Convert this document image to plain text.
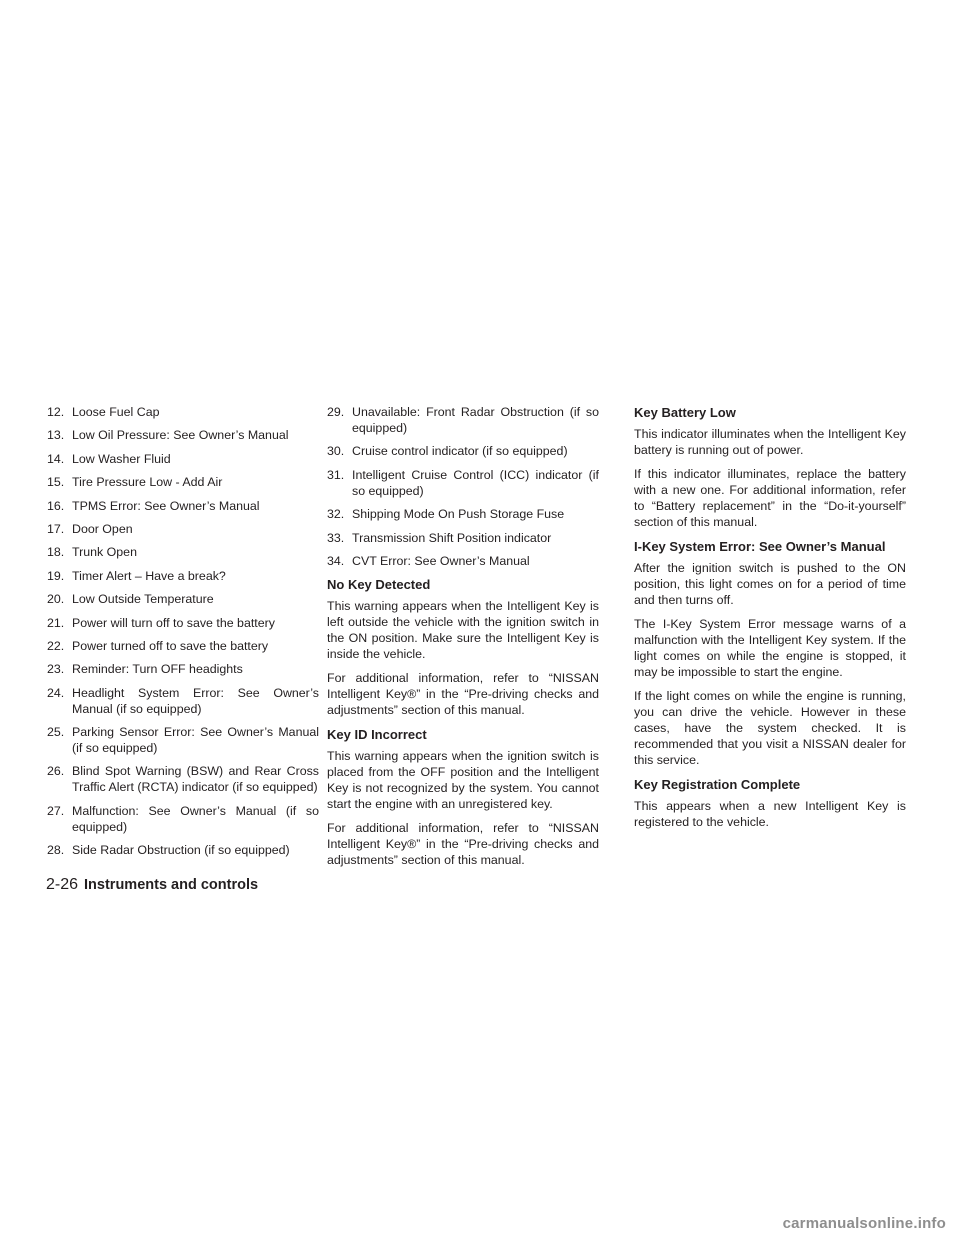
12. Loose Fuel Cap
13. Low Oil Pressure: See Owner’s Manual
14. Low Washer Fluid
15. Tire Pressure Low - Add Air
16. TPMS Error: See Owner’s Manual
17. Door Open
18. Trunk Open
19. Timer Alert – Have a break?
20. Low Outside Temperature
21. Power will turn off to save the battery
22. Power turned off to save the battery
23. Reminder: Turn OFF headights
24. Headlight System Error: See Owner’s Manual (if so equipped)
25. Parking Sensor Error: See Owner’s Manual (if so equipped)
26. Blind Spot Warning (BSW) and Rear Cross Traffic Alert (RCTA) indicator (if so equipped)
27. Malfunction: See Owner’s Manual (if so equipped)
28. Side Radar Obstruction (if so equipped)
29. Unavailable: Front Radar Obstruction (if so equipped)
30. Cruise control indicator (if so equipped)
31. Intelligent Cruise Control (ICC) indicator (if so equipped)
32. Shipping Mode On Push Storage Fuse
33. Transmission Shift Position indicator
34. CVT Error: See Owner’s Manual
No Key Detected

This warning appears when the Intelligent Key is left outside the vehicle with the ignition switch in the ON position. Make sure the Intelligent Key is inside the vehicle.

For additional information, refer to “NISSAN Intelligent Key®” in the “Pre-driving checks and adjustments” section of this manual.

Key ID Incorrect

This warning appears when the ignition switch is placed from the OFF position and the Intelligent Key is not recognized by the system. You cannot start the engine with an unregistered key.

For additional information, refer to “NISSAN Intelligent Key®” in the “Pre-driving checks and adjustments” section of this manual.

Key Battery Low

This indicator illuminates when the Intelligent Key battery is running out of power.

If this indicator illuminates, replace the battery with a new one. For additional information, refer to “Battery replacement” in the “Do-it-yourself” section of this manual.

I-Key System Error: See Owner’s Manual

After the ignition switch is pushed to the ON position, this light comes on for a period of time and then turns off.

The I-Key System Error message warns of a malfunction with the Intelligent Key system. If the light comes on while the engine is stopped, it may be impossible to start the engine.

If the light comes on while the engine is running, you can drive the vehicle. However in these cases, have the system checked. It is recommended that you visit a NISSAN dealer for this service.

Key Registration Complete

This appears when a new Intelligent Key is registered to the vehicle.

2-26 Instruments and controls
carmanualsonline.info
